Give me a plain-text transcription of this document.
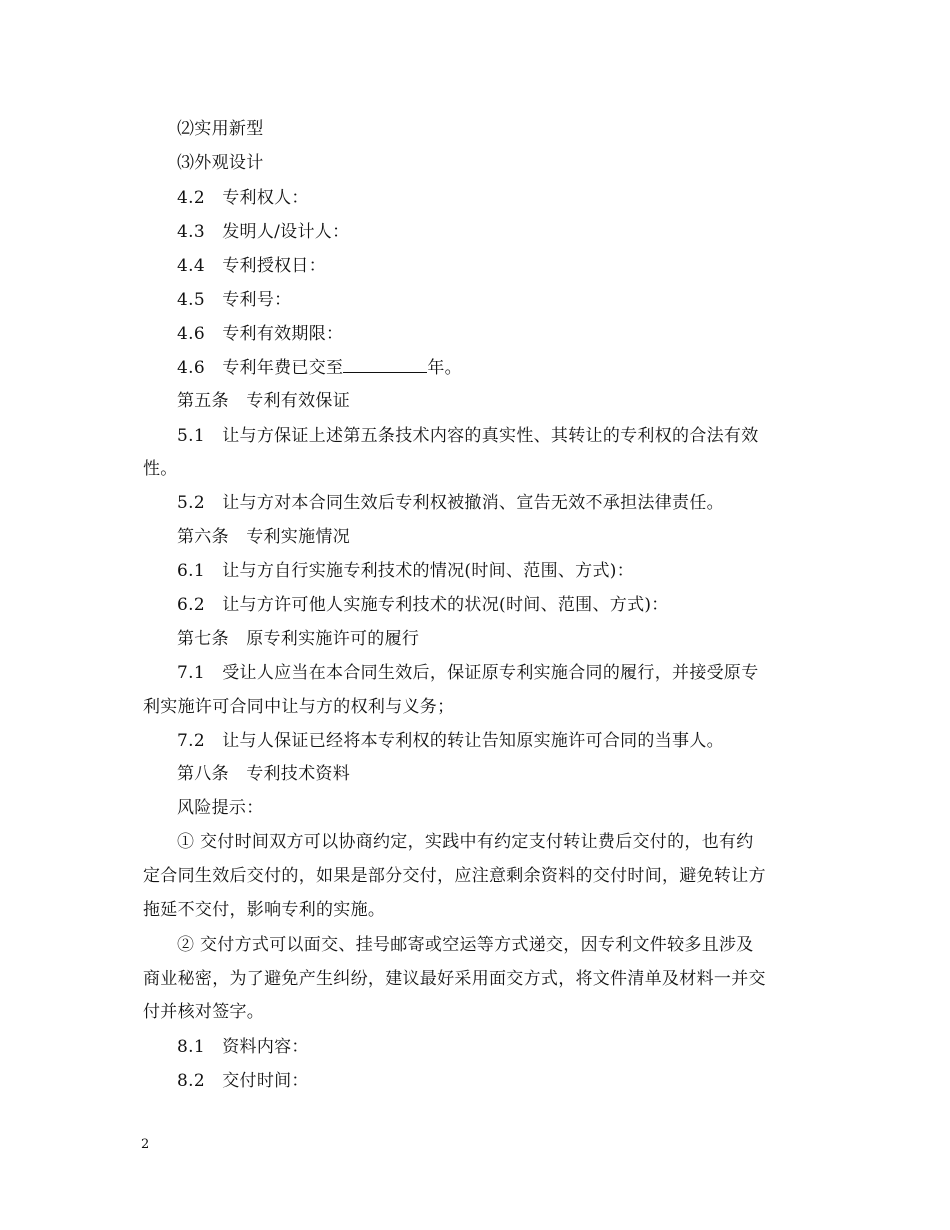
⑵实用新型
⑶外观设计
4.2　专利权人：
4.3　发明人/设计人：
4.4　专利授权日：
4.5　专利号：
4.6　专利有效期限：
4.6　专利年费已交至	年。
第五条　专利有效保证
5.1　让与方保证上述第五条技术内容的真实性、其转让的专利权的合法有效
性。
5.2　让与方对本合同生效后专利权被撤消、宣告无效不承担法律责任。
第六条　专利实施情况
6.1　让与方自行实施专利技术的情况(时间、范围、方式)：
6.2　让与方许可他人实施专利技术的状况(时间、范围、方式)：
第七条　原专利实施许可的履行
7.1　受让人应当在本合同生效后，保证原专利实施合同的履行，并接受原专
利实施许可合同中让与方的权利与义务；
7.2　让与人保证已经将本专利权的转让告知原实施许可合同的当事人。
第八条　专利技术资料
风险提示：
① 交付时间双方可以协商约定，实践中有约定支付转让费后交付的，也有约
定合同生效后交付的，如果是部分交付，应注意剩余资料的交付时间，避免转让方
拖延不交付，影响专利的实施。
② 交付方式可以面交、挂号邮寄或空运等方式递交，因专利文件较多且涉及
商业秘密，为了避免产生纠纷，建议最好采用面交方式，将文件清单及材料一并交
付并核对签字。
8.1　资料内容：
8.2　交付时间：
2
